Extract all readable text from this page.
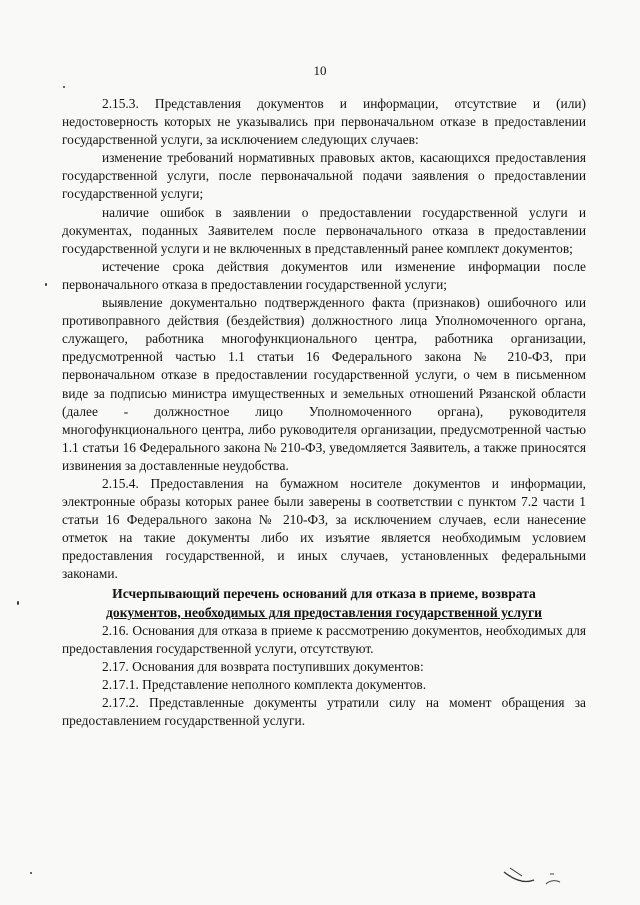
10

2.15.3. Представления документов и информации, отсутствие и (или) недостоверность которых не указывались при первоначальном отказе в предоставлении государственной услуги, за исключением следующих случаев:

изменение требований нормативных правовых актов, касающихся предоставления государственной услуги, после первоначальной подачи заявления о предоставлении государственной услуги;

наличие ошибок в заявлении о предоставлении государственной услуги и документах, поданных Заявителем после первоначального отказа в предоставлении государственной услуги и не включенных в представленный ранее комплект документов;

истечение срока действия документов или изменение информации после первоначального отказа в предоставлении государственной услуги;

выявление документально подтвержденного факта (признаков) ошибочного или противоправного действия (бездействия) должностного лица Уполномоченного органа, служащего, работника многофункционального центра, работника организации, предусмотренной частью 1.1 статьи 16 Федерального закона № 210-ФЗ, при первоначальном отказе в предоставлении государственной услуги, о чем в письменном виде за подписью министра имущественных и земельных отношений Рязанской области (далее - должностное лицо Уполномоченного органа), руководителя многофункционального центра, либо руководителя организации, предусмотренной частью 1.1 статьи 16 Федерального закона № 210-ФЗ, уведомляется Заявитель, а также приносятся извинения за доставленные неудобства.

2.15.4. Предоставления на бумажном носителе документов и информации, электронные образы которых ранее были заверены в соответствии с пунктом 7.2 части 1 статьи 16 Федерального закона № 210-ФЗ, за исключением случаев, если нанесение отметок на такие документы либо их изъятие является необходимым условием предоставления государственной, и иных случаев, установленных федеральными законами.

Исчерпывающий перечень оснований для отказа в приеме, возврата
документов, необходимых для предоставления государственной услуги

2.16. Основания для отказа в приеме к рассмотрению документов, необходимых для предоставления государственной услуги, отсутствуют.

2.17. Основания для возврата поступивших документов:

2.17.1. Представление неполного комплекта документов.

2.17.2. Представленные документы утратили силу на момент обращения за предоставлением государственной услуги.
